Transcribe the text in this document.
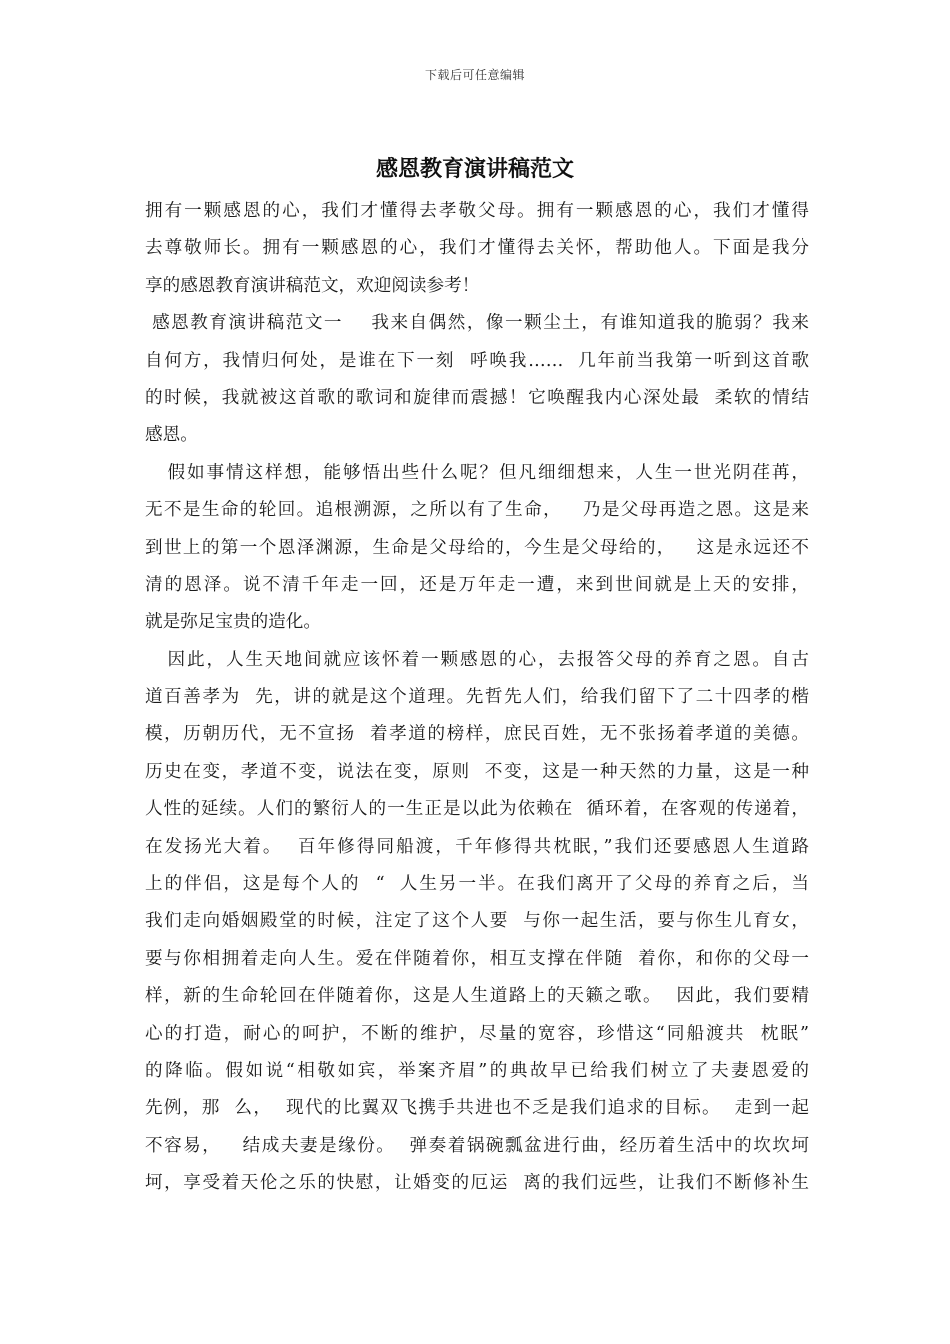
下载后可任意编辑
感恩教育演讲稿范文
拥有一颗感恩的心，我们才懂得去孝敬父母。拥有一颗感恩的心，我们才懂得
去尊敬师长。拥有一颗感恩的心，我们才懂得去关怀，帮助他人。下面是我分
享的感恩教育演讲稿范文，欢迎阅读参考！
感恩教育演讲稿范文一    我来自偶然，像一颗尘土，有谁知道我的脆弱？我来
自何方，我情归何处，是谁在下一刻  呼唤我……  几年前当我第一听到这首歌
的时候，我就被这首歌的歌词和旋律而震撼！它唤醒我内心深处最  柔软的情结
感恩。
假如事情这样想，能够悟出些什么呢？但凡细细想来，人生一世光阴荏苒，
无不是生命的轮回。追根溯源，之所以有了生命，   乃是父母再造之恩。这是来
到世上的第一个恩泽渊源，生命是父母给的，今生是父母给的，   这是永远还不
清的恩泽。说不清千年走一回，还是万年走一遭，来到世间就是上天的安排，
就是弥足宝贵的造化。
因此，人生天地间就应该怀着一颗感恩的心，去报答父母的养育之恩。自古
道百善孝为  先，讲的就是这个道理。先哲先人们，给我们留下了二十四孝的楷
模，历朝历代，无不宣扬  着孝道的榜样，庶民百姓，无不张扬着孝道的美德。
历史在变，孝道不变，说法在变，原则  不变，这是一种天然的力量，这是一种
人性的延续。人们的繁衍人的一生正是以此为依赖在  循环着，在客观的传递着，
在发扬光大着。  百年修得同船渡，千年修得共枕眠，”我们还要感恩人生道路
上的伴侣，这是每个人的  “  人生另一半。在我们离开了父母的养育之后，当
我们走向婚姻殿堂的时候，注定了这个人要  与你一起生活，要与你生儿育女，
要与你相拥着走向人生。爱在伴随着你，相互支撑在伴随  着你，和你的父母一
样，新的生命轮回在伴随着你，这是人生道路上的天籁之歌。  因此，我们要精
心的打造，耐心的呵护，不断的维护，尽量的宽容，珍惜这“同船渡共  枕眠”
的降临。假如说“相敬如宾，举案齐眉”的典故早已给我们树立了夫妻恩爱的
先例，那  么，  现代的比翼双飞携手共进也不乏是我们追求的目标。  走到一起
不容易，   结成夫妻是缘份。  弹奏着锅碗瓢盆进行曲，经历着生活中的坎坎坷
坷，享受着天伦之乐的快慰，让婚变的厄运  离的我们远些，让我们不断修补生
